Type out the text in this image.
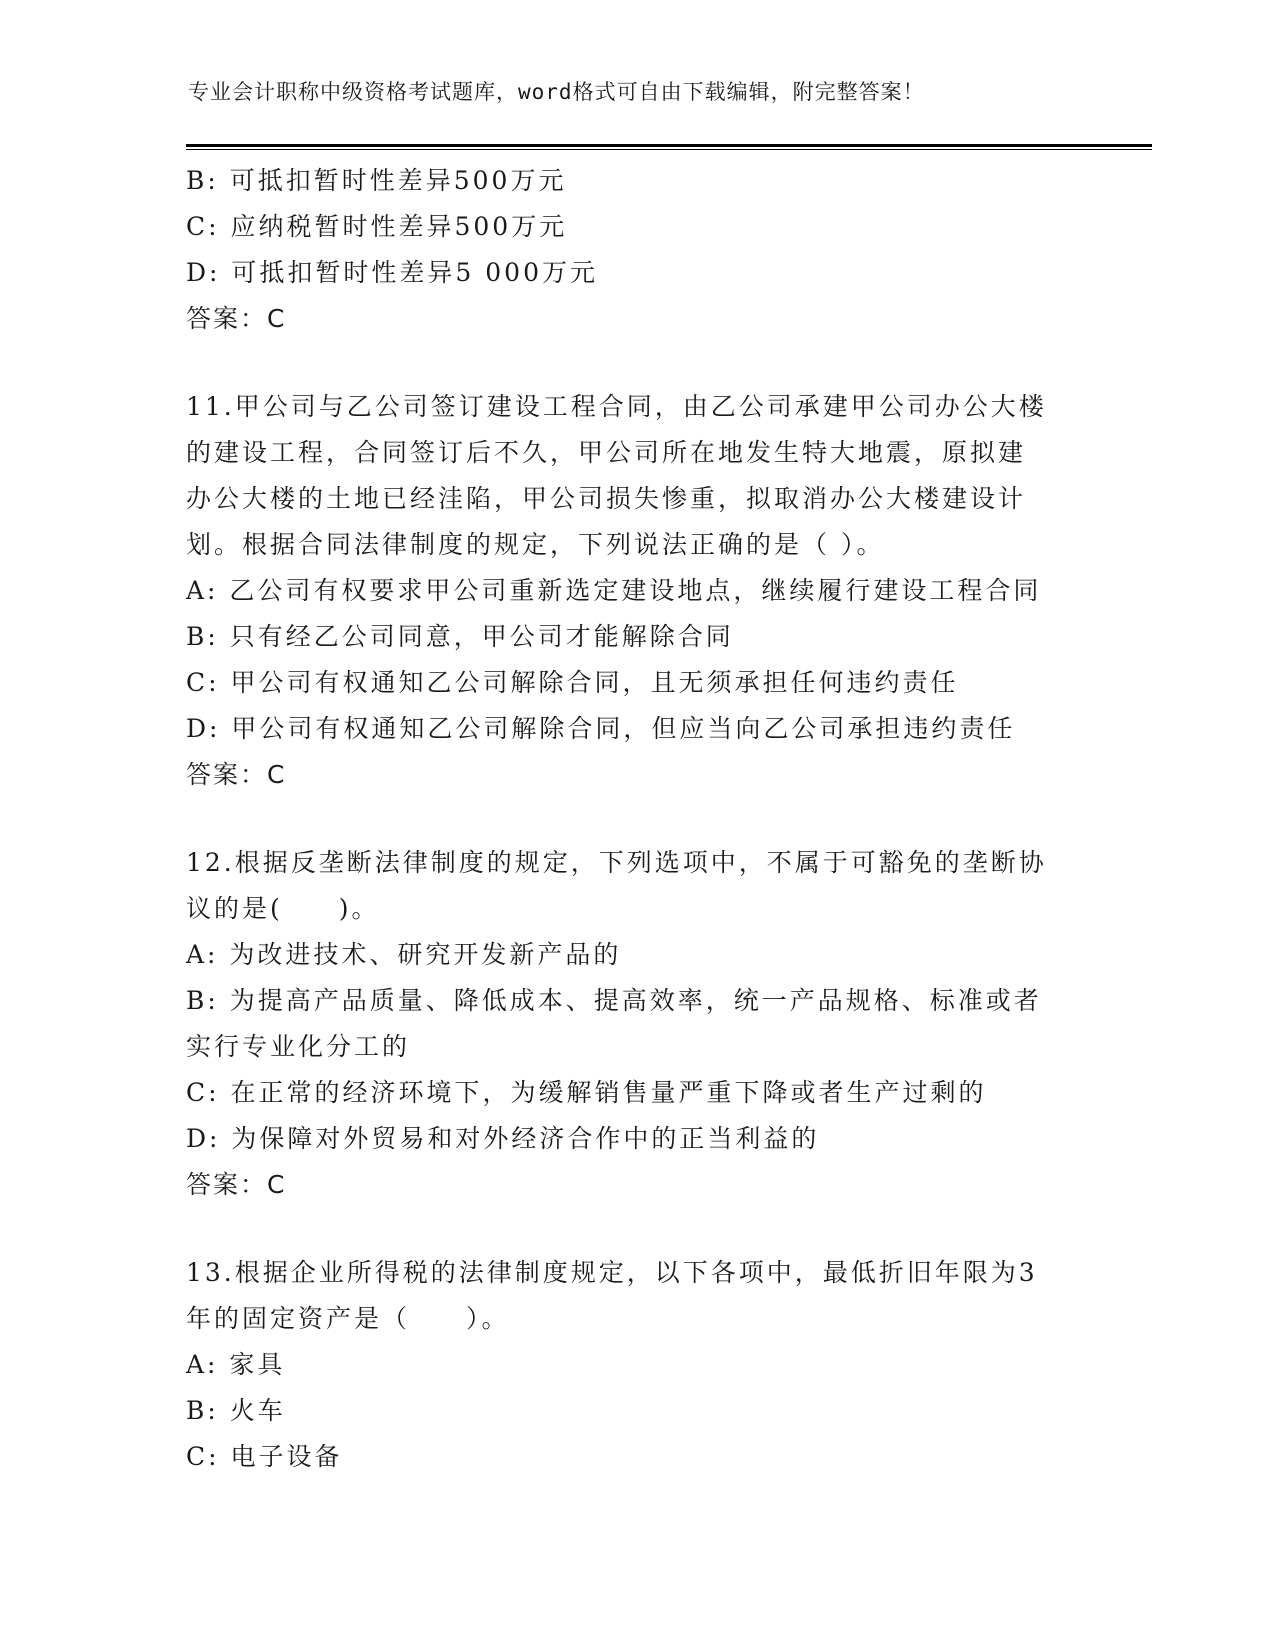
专业会计职称中级资格考试题库，word格式可自由下载编辑，附完整答案！
B: 可抵扣暂时性差异500万元
C: 应纳税暂时性差异500万元
D: 可抵扣暂时性差异5 000万元
答案：C
11.甲公司与乙公司签订建设工程合同，由乙公司承建甲公司办公大楼
的建设工程，合同签订后不久，甲公司所在地发生特大地震，原拟建
办公大楼的土地已经洼陷，甲公司损失惨重，拟取消办公大楼建设计
划。根据合同法律制度的规定，下列说法正确的是（ ）。
A: 乙公司有权要求甲公司重新选定建设地点，继续履行建设工程合同
B: 只有经乙公司同意，甲公司才能解除合同
C: 甲公司有权通知乙公司解除合同，且无须承担任何违约责任
D: 甲公司有权通知乙公司解除合同，但应当向乙公司承担违约责任
答案：C
12.根据反垄断法律制度的规定，下列选项中，不属于可豁免的垄断协
议的是(　　)。
A: 为改进技术、研究开发新产品的
B: 为提高产品质量、降低成本、提高效率，统一产品规格、标准或者
实行专业化分工的
C: 在正常的经济环境下，为缓解销售量严重下降或者生产过剩的
D: 为保障对外贸易和对外经济合作中的正当利益的
答案：C
13.根据企业所得税的法律制度规定，以下各项中，最低折旧年限为3
年的固定资产是（　　）。
A: 家具
B: 火车
C: 电子设备
